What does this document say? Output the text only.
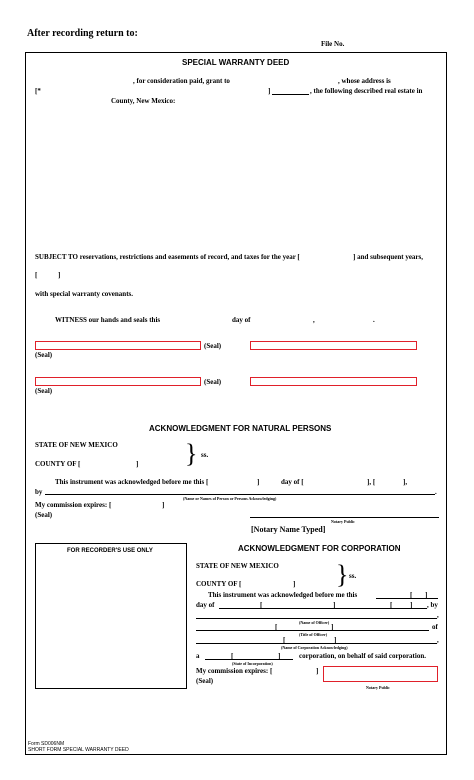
After recording return to:
File No.
SPECIAL WARRANTY DEED
, for consideration paid, grant to	, whose address is
[*	]	, the following described real estate in
County, New Mexico:
SUBJECT TO reservations, restrictions and easements of record, and taxes for the year [	] and subsequent years,
[	]
with special warranty covenants.
WITNESS our hands and seals this	day of	,	.
(Seal)
(Seal)
(Seal)
(Seal)
ACKNOWLEDGMENT FOR NATURAL PERSONS
STATE OF NEW MEXICO
COUNTY OF [	] } ss.
This instrument was acknowledged before me this [	]	day of [	], [	],
by	.
(Name or Names of Person or Persons Acknowledging)
My commission expires: [	]
(Seal)
Notary Public
[Notary Name Typed]
FOR RECORDER'S USE ONLY	ACKNOWLEDGMENT FOR CORPORATION
STATE OF NEW MEXICO
COUNTY OF [	] } ss.
This instrument was acknowledged before me this	[ ]
day of	[	]	[	] , by
,
(Name of Officer)
[	]	of
(Title of Officer)
[	]	,
(Name of Corporation Acknowledging)
a	[	]	corporation, on behalf of said corporation.
(State of Incorporation)
My commission expires: [	]
(Seal)
Notary Public
Form SD006NM
SHORT FORM SPECIAL WARRANTY DEED
